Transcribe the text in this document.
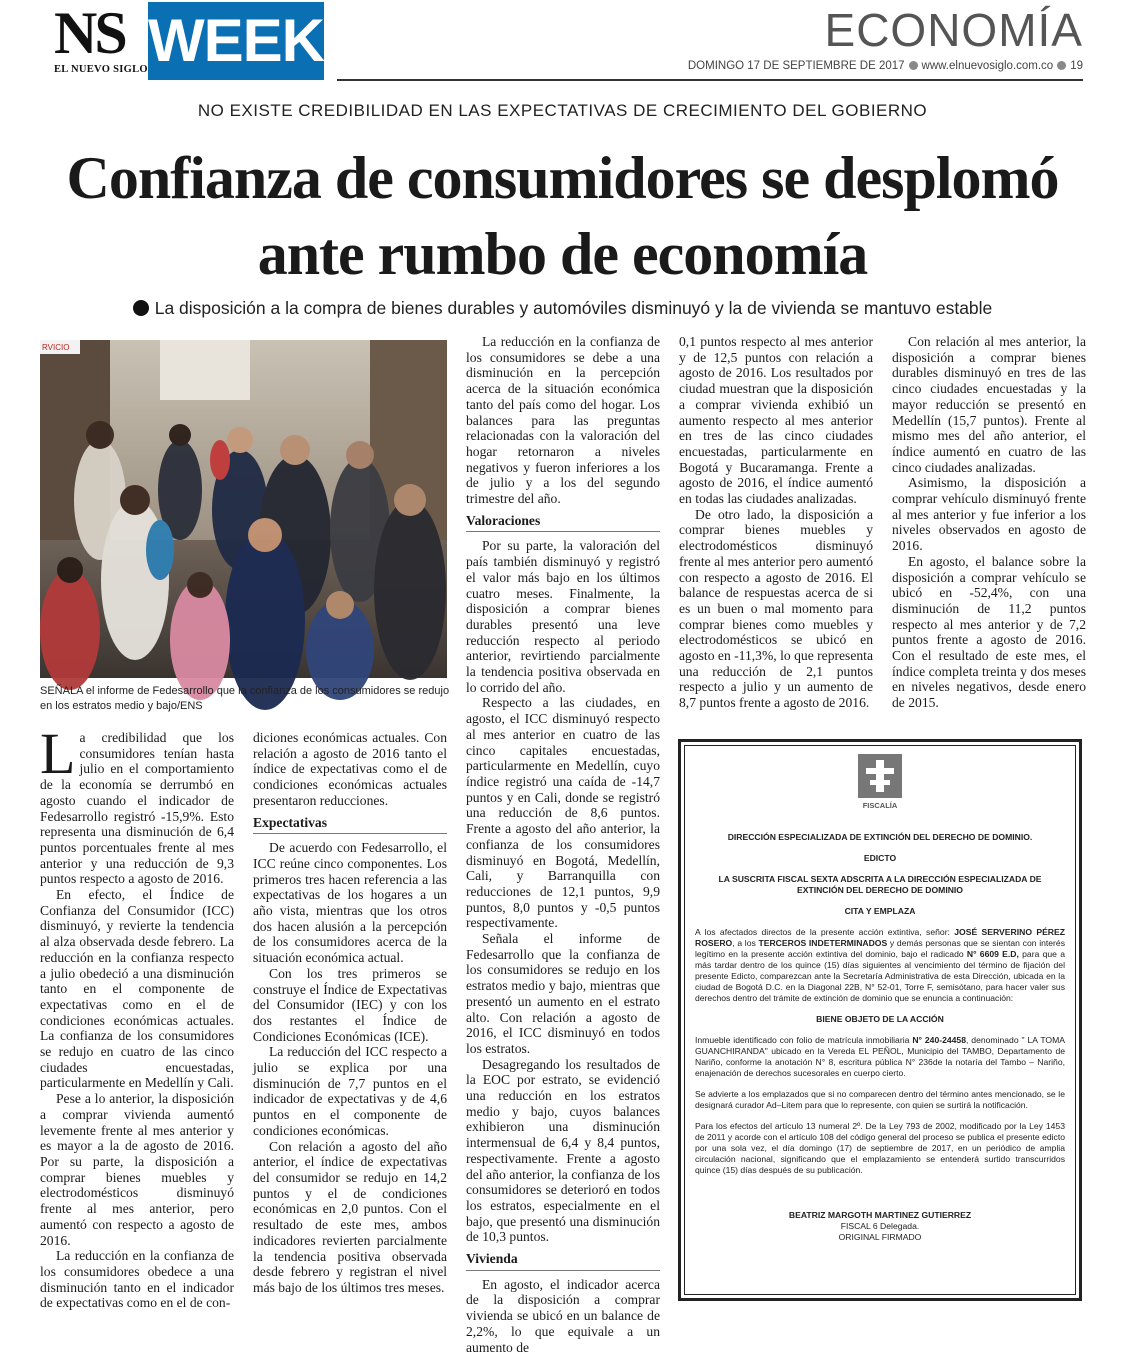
NS
EL NUEVO SIGLO WEEK	ECONOMÍA
DOMINGO 17 DE SEPTIEMBRE DE 2017 www.elnuevosiglo.com.co 19
NO EXISTE CREDIBILIDAD EN LAS EXPECTATIVAS DE CRECIMIENTO DEL GOBIERNO
Confianza de consumidores se desplomó ante rumbo de economía
La disposición a la compra de bienes durables y automóviles disminuyó y la de vivienda se mantuvo estable
RVICIO
SEÑALA el informe de Fedesarrollo que la confianza de los consumidores se redujo en los estratos medio y bajo/ENS

La credibilidad que los consumidores tenían hasta julio en el comportamiento de la economía se derrumbó en agosto cuando el indicador de Fedesarrollo registró -15,9%. Esto representa una disminución de 6,4 puntos porcentuales frente al mes anterior y una reducción de 9,3 puntos respecto a agosto de 2016.

En efecto, el Índice de Confianza del Consumidor (ICC) disminuyó, y revierte la tendencia al alza observada desde febrero. La reducción en la confianza respecto a julio obedeció a una disminución tanto en el componente de expectativas como en el de condiciones económicas actuales. La confianza de los consumidores se redujo en cuatro de las cinco ciudades encuestadas, particularmente en Medellín y Cali.

Pese a lo anterior, la disposición a comprar vivienda aumentó levemente frente al mes anterior y es mayor a la de agosto de 2016. Por su parte, la disposición a comprar bienes muebles y electrodomésticos disminuyó frente al mes anterior, pero aumentó con respecto a agosto de 2016.

La reducción en la confianza de los consumidores obedece a una disminución tanto en el indicador de expectativas como en el de con-

diciones económicas actuales. Con relación a agosto de 2016 tanto el índice de expectativas como el de condiciones económicas actuales presentaron reducciones.

Expectativas

De acuerdo con Fedesarrollo, el ICC reúne cinco componentes. Los primeros tres hacen referencia a las expectativas de los hogares a un año vista, mientras que los otros dos hacen alusión a la percepción de los consumidores acerca de la situación económica actual.

Con los tres primeros se construye el Índice de Expectativas del Consumidor (IEC) y con los dos restantes el Índice de Condiciones Económicas (ICE).

La reducción del ICC respecto a julio se explica por una disminución de 7,7 puntos en el indicador de expectativas y de 4,6 puntos en el componente de condiciones económicas.

Con relación a agosto del año anterior, el índice de expectativas del consumidor se redujo en 14,2 puntos y el de condiciones económicas en 2,0 puntos. Con el resultado de este mes, ambos indicadores revierten parcialmente la tendencia positiva observada desde febrero y registran el nivel más bajo de los últimos tres meses.

La reducción en la confianza de los consumidores se debe a una disminución en la percepción acerca de la situación económica tanto del país como del hogar. Los balances para las preguntas relacionadas con la valoración del hogar retornaron a niveles negativos y fueron inferiores a los de julio y a los del segundo trimestre del año.

Valoraciones

Por su parte, la valoración del país también disminuyó y registró el valor más bajo en los últimos cuatro meses. Finalmente, la disposición a comprar bienes durables presentó una leve reducción respecto al periodo anterior, revirtiendo parcialmente la tendencia positiva observada en lo corrido del año.

Respecto a las ciudades, en agosto, el ICC disminuyó respecto al mes anterior en cuatro de las cinco capitales encuestadas, particularmente en Medellín, cuyo índice registró una caída de -14,7 puntos y en Cali, donde se registró una reducción de 8,6 puntos. Frente a agosto del año anterior, la confianza de los consumidores disminuyó en Bogotá, Medellín, Cali, y Barranquilla con reducciones de 12,1 puntos, 9,9 puntos, 8,0 puntos y -0,5 puntos respectivamente.

Señala el informe de Fedesarrollo que la confianza de los consumidores se redujo en los estratos medio y bajo, mientras que presentó un aumento en el estrato alto. Con relación a agosto de 2016, el ICC disminuyó en todos los estratos.

Desagregando los resultados de la EOC por estrato, se evidenció una reducción en los estratos medio y bajo, cuyos balances exhibieron una disminución intermensual de 6,4 y 8,4 puntos, respectivamente. Frente a agosto del año anterior, la confianza de los consumidores se deterioró en todos los estratos, especialmente en el bajo, que presentó una disminución de 10,3 puntos.

Vivienda

En agosto, el indicador acerca de la disposición a comprar vivienda se ubicó en un balance de 2,2%, lo que equivale a un aumento de

0,1 puntos respecto al mes anterior y de 12,5 puntos con relación a agosto de 2016. Los resultados por ciudad muestran que la disposición a comprar vivienda exhibió un aumento respecto al mes anterior en tres de las cinco ciudades encuestadas, particularmente en Bogotá y Bucaramanga. Frente a agosto de 2016, el índice aumentó en todas las ciudades analizadas.

De otro lado, la disposición a comprar bienes muebles y electrodomésticos disminuyó frente al mes anterior pero aumentó con respecto a agosto de 2016. El balance de respuestas acerca de si es un buen o mal momento para comprar bienes como muebles y electrodomésticos se ubicó en agosto en -11,3%, lo que representa una reducción de 2,1 puntos respecto a julio y un aumento de 8,7 puntos frente a agosto de 2016.

Con relación al mes anterior, la disposición a comprar bienes durables disminuyó en tres de las cinco ciudades encuestadas y la mayor reducción se presentó en Medellín (15,7 puntos). Frente al mismo mes del año anterior, el índice aumentó en cuatro de las cinco ciudades analizadas.

Asimismo, la disposición a comprar vehículo disminuyó frente al mes anterior y fue inferior a los niveles observados en agosto de 2016.

En agosto, el balance sobre la disposición a comprar vehículo se ubicó en -52,4%, con una disminución de 11,2 puntos respecto al mes anterior y de 7,2 puntos frente a agosto de 2016. Con el resultado de este mes, el índice completa treinta y dos meses en niveles negativos, desde enero de 2015.

FISCALÍA
DIRECCIÓN ESPECIALIZADA DE EXTINCIÓN DEL DERECHO DE DOMINIO.
EDICTO
LA SUSCRITA FISCAL SEXTA ADSCRITA A LA DIRECCIÓN ESPECIALIZADA DE EXTINCIÓN DEL DERECHO DE DOMINIO
CITA Y EMPLAZA
A los afectados directos de la presente acción extintiva, señor: JOSÉ SERVERINO PÉREZ ROSERO, a los TERCEROS INDETERMINADOS y demás personas que se sientan con interés legítimo en la presente acción extintiva del dominio, bajo el radicado N° 6609 E.D, para que a más tardar dentro de los quince (15) días siguientes al vencimiento del término de fijación del presente Edicto, comparezcan ante la Secretaría Administrativa de esta Dirección, ubicada en la ciudad de Bogotá D.C. en la Diagonal 22B, N° 52-01, Torre F, semisótano, para hacer valer sus derechos dentro del trámite de extinción de dominio que se enuncia a continuación:
BIENE OBJETO DE LA ACCIÓN
Inmueble identificado con folio de matrícula inmobiliaria N° 240-24458, denominado " LA TOMA GUANCHIRANDA" ubicado en la Vereda EL PEÑOL, Municipio del TAMBO, Departamento de Nariño, conforme la anotación N° 8, escritura pública N° 236de la notaría del Tambo – Nariño, enajenación de derechos sucesorales en cuerpo cierto.
Se advierte a los emplazados que si no comparecen dentro del término antes mencionado, se le designará curador Ad–Litem para que lo represente, con quien se surtirá la notificación.
Para los efectos del artículo 13 numeral 2º. De la Ley 793 de 2002, modificado por la Ley 1453 de 2011 y acorde con el artículo 108 del código general del proceso se publica el presente edicto por una sola vez, el día domingo (17) de septiembre de 2017, en un periódico de amplia circulación nacional, significando que el emplazamiento se entenderá surtido transcurridos quince (15) días después de su publicación.
BEATRIZ MARGOTH MARTINEZ GUTIERREZ
FISCAL 6 Delegada.
ORIGINAL FIRMADO
